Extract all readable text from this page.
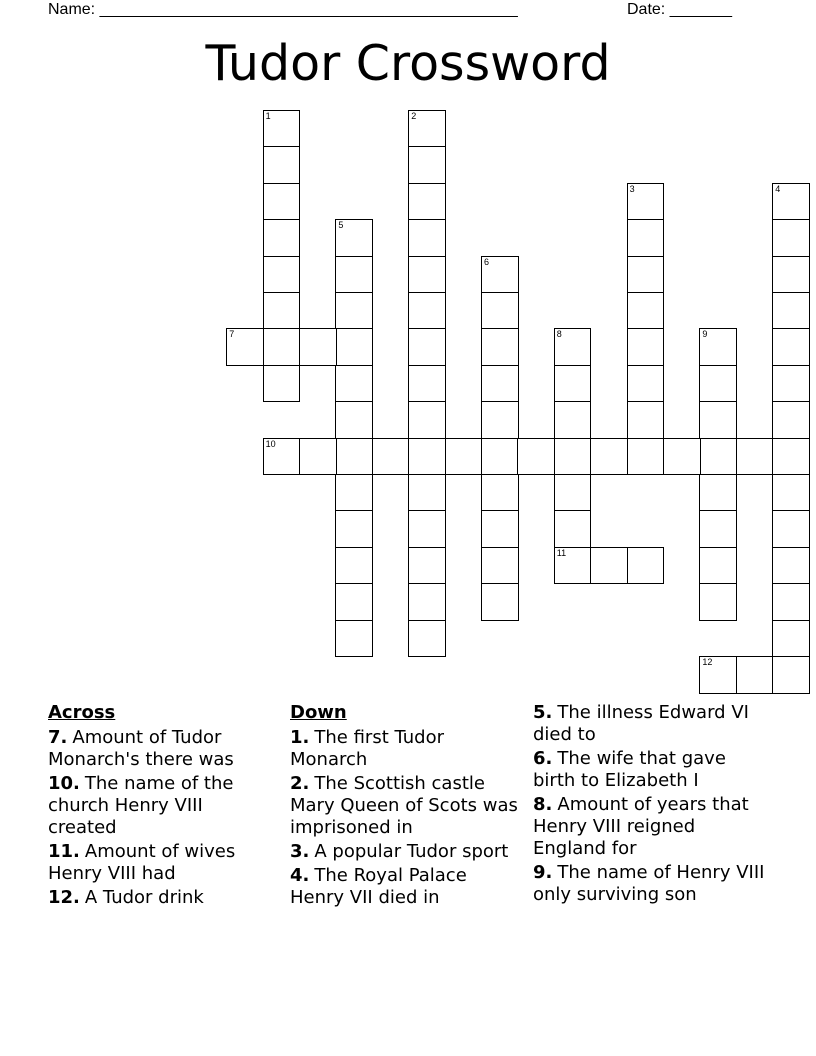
Name: _______________________________________________	Date: _______
Tudor Crossword
1	2
3	4
5
6
7	8	9
10
11
12
Across
7. Amount of Tudor Monarch's there was
10. The name of the church Henry VIII created
11. Amount of wives Henry VIII had
12. A Tudor drink
Down
1. The first Tudor Monarch
2. The Scottish castle Mary Queen of Scots was imprisoned in
3. A popular Tudor sport
4. The Royal Palace Henry VII died in
5. The illness Edward VI died to
6. The wife that gave birth to Elizabeth I
8. Amount of years that Henry VIII reigned England for
9. The name of Henry VIII only surviving son
